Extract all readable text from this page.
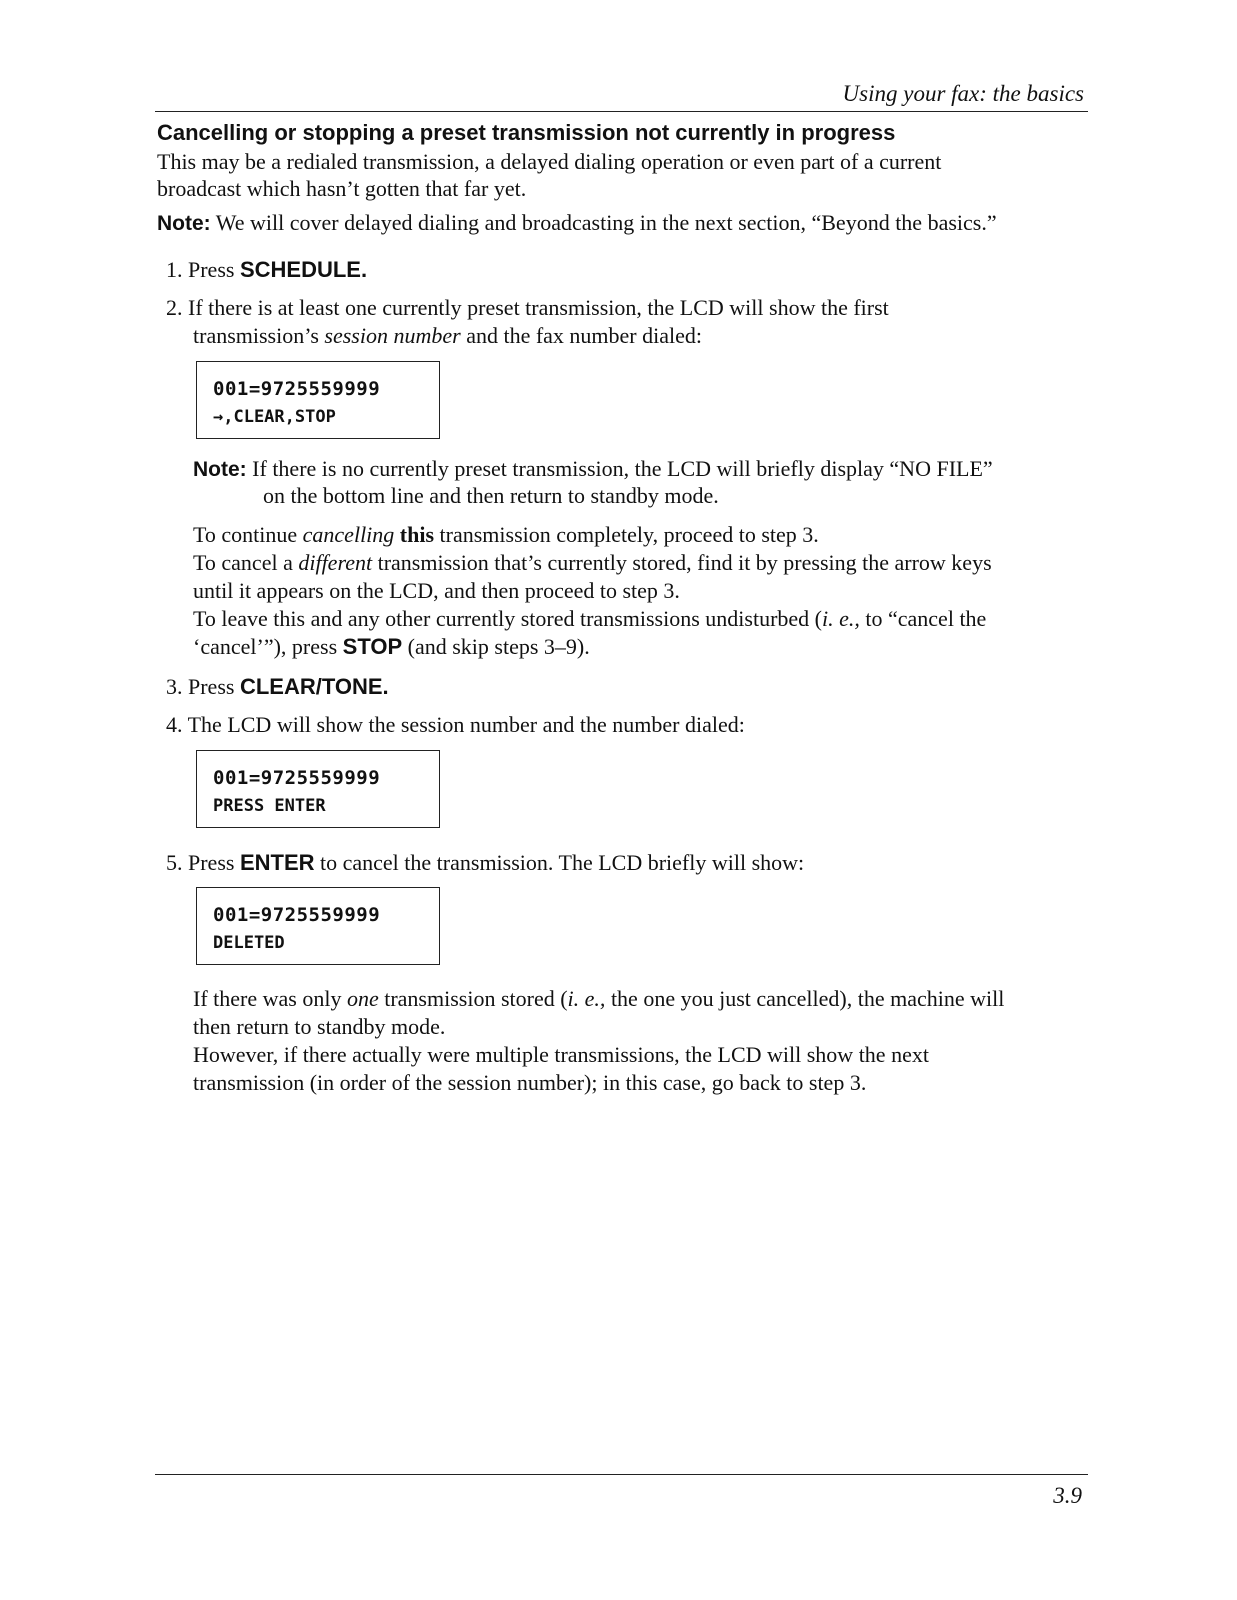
Using your fax: the basics
Cancelling or stopping a preset transmission not currently in progress
This may be a redialed transmission, a delayed dialing operation or even part of a current
broadcast which hasn’t gotten that far yet.
Note: We will cover delayed dialing and broadcasting in the next section, “Beyond the basics.”
1. Press SCHEDULE.
2. If there is at least one currently preset transmission, the LCD will show the first
transmission’s session number and the fax number dialed:
001=9725559999
→,CLEAR,STOP
Note: If there is no currently preset transmission, the LCD will briefly display “NO FILE”
on the bottom line and then return to standby mode.
To continue cancelling this transmission completely, proceed to step 3.
To cancel a different transmission that’s currently stored, find it by pressing the arrow keys
until it appears on the LCD, and then proceed to step 3.
To leave this and any other currently stored transmissions undisturbed (i. e., to “cancel the
‘cancel’”), press STOP (and skip steps 3–9).
3. Press CLEAR/TONE.
4. The LCD will show the session number and the number dialed:
001=9725559999
PRESS ENTER
5. Press ENTER to cancel the transmission. The LCD briefly will show:
001=9725559999
DELETED
If there was only one transmission stored (i. e., the one you just cancelled), the machine will
then return to standby mode.
However, if there actually were multiple transmissions, the LCD will show the next
transmission (in order of the session number); in this case, go back to step 3.
3.9
